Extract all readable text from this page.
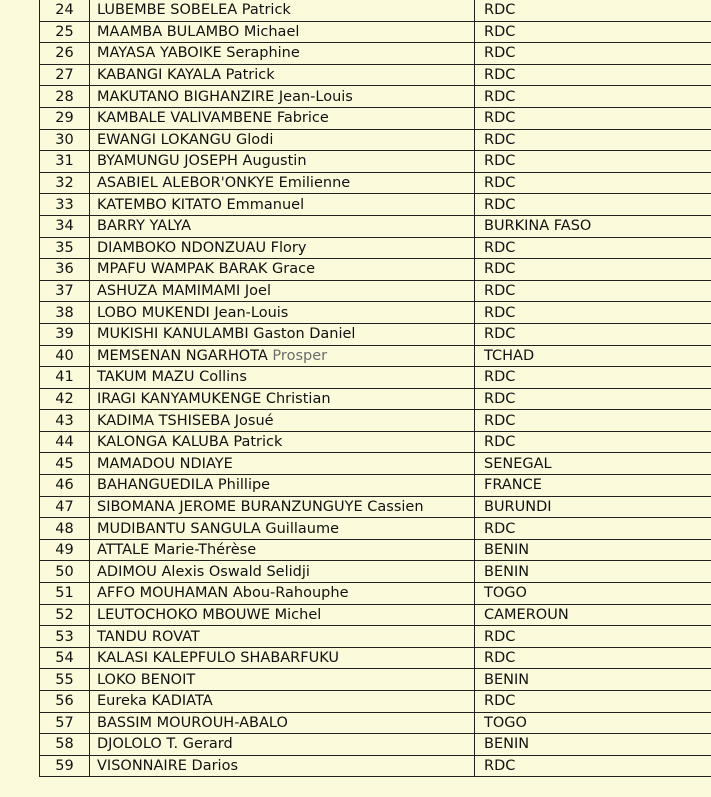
24	LUBEMBE SOBELEA Patrick	RDC
25	MAAMBA BULAMBO Michael	RDC
26	MAYASA YABOIKE Seraphine	RDC
27	KABANGI KAYALA Patrick	RDC
28	MAKUTANO BIGHANZIRE Jean-Louis	RDC
29	KAMBALE VALIVAMBENE Fabrice	RDC
30	EWANGI LOKANGU Glodi	RDC
31	BYAMUNGU JOSEPH Augustin	RDC
32	ASABIEL ALEBOR'ONKYE Emilienne	RDC
33	KATEMBO KITATO Emmanuel	RDC
34	BARRY YALYA	BURKINA FASO
35	DIAMBOKO NDONZUAU Flory	RDC
36	MPAFU WAMPAK BARAK Grace	RDC
37	ASHUZA MAMIMAMI Joel	RDC
38	LOBO MUKENDI Jean-Louis	RDC
39	MUKISHI KANULAMBI Gaston Daniel	RDC
40	MEMSENAN NGARHOTA Prosper	TCHAD
41	TAKUM MAZU Collins	RDC
42	IRAGI KANYAMUKENGE Christian	RDC
43	KADIMA TSHISEBA Josué	RDC
44	KALONGA KALUBA Patrick	RDC
45	MAMADOU NDIAYE	SENEGAL
46	BAHANGUEDILA Phillipe	FRANCE
47	SIBOMANA JEROME BURANZUNGUYE Cassien	BURUNDI
48	MUDIBANTU SANGULA Guillaume	RDC
49	ATTALE Marie-Thérèse	BENIN
50	ADIMOU Alexis Oswald Selidji	BENIN
51	AFFO MOUHAMAN Abou-Rahouphe	TOGO
52	LEUTOCHOKO MBOUWE Michel	CAMEROUN
53	TANDU ROVAT	RDC
54	KALASI KALEPFULO SHABARFUKU	RDC
55	LOKO BENOIT	BENIN
56	Eureka KADIATA	RDC
57	BASSIM MOUROUH-ABALO	TOGO
58	DJOLOLO T. Gerard	BENIN
59	VISONNAIRE Darios	RDC
